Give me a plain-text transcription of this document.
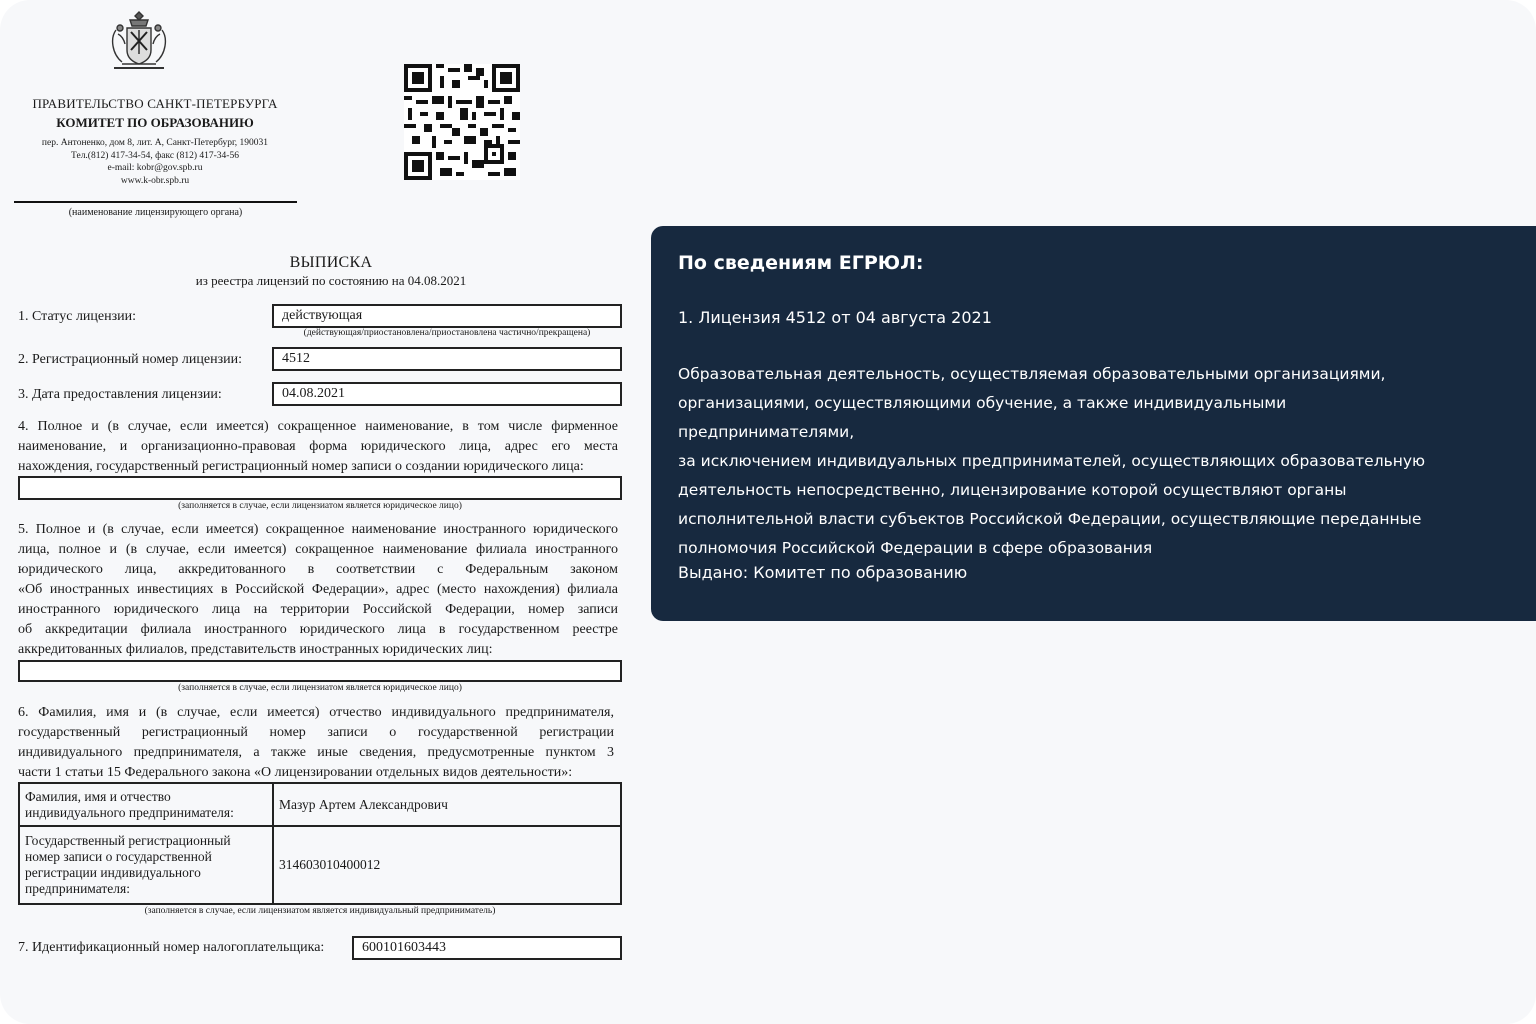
ПРАВИТЕЛЬСТВО САНКТ-ПЕТЕРБУРГА
КОМИТЕТ ПО ОБРАЗОВАНИЮ
пер. Антоненко, дом 8, лит. А, Санкт-Петербург, 190031
Тел.(812) 417-34-54, факс (812) 417-34-56
e-mail: kobr@gov.spb.ru
www.k-obr.spb.ru
(наименование лицензирующего органа)
ВЫПИСКА
из реестра лицензий по состоянию на 04.08.2021
1. Статус лицензии:	действующая
(действующая/приостановлена/приостановлена частично/прекращена)
2. Регистрационный номер лицензии:	4512
3. Дата предоставления лицензии:	04.08.2021
4. Полное и (в случае, если имеется) сокращенное наименование, в том числе фирменное
наименование, и организационно-правовая форма юридического лица, адрес его места
нахождения, государственный регистрационный номер записи о создании юридического лица:
(заполняется в случае, если лицензиатом является юридическое лицо)
5. Полное и (в случае, если имеется) сокращенное наименование иностранного юридического
лица, полное и (в случае, если имеется) сокращенное наименование филиала иностранного
юридического лица, аккредитованного в соответствии с Федеральным законом
«Об иностранных инвестициях в Российской Федерации», адрес (место нахождения) филиала
иностранного юридического лица на территории Российской Федерации, номер записи
об аккредитации филиала иностранного юридического лица в государственном реестре
аккредитованных филиалов, представительств иностранных юридических лиц:
(заполняется в случае, если лицензиатом является юридическое лицо)
6. Фамилия, имя и (в случае, если имеется) отчество индивидуального предпринимателя,
государственный регистрационный номер записи о государственной регистрации
индивидуального предпринимателя, а также иные сведения, предусмотренные пунктом 3
части 1 статьи 15 Федерального закона «О лицензировании отдельных видов деятельности»:
Фамилия, имя и отчество
индивидуального предпринимателя:	Мазур Артем Александрович

Государственный регистрационный
номер записи о государственной
регистрации индивидуального
предпринимателя:	314603010400012
(заполняется в случае, если лицензиатом является индивидуальный предприниматель)
7. Идентификационный номер налогоплательщика:	600101603443
По сведениям ЕГРЮЛ:
1. Лицензия 4512 от 04 августа 2021
Образовательная деятельность, осуществляемая образовательными организациями,
организациями, осуществляющими обучение, а также индивидуальными предпринимателями,
за исключением индивидуальных предпринимателей, осуществляющих образовательную
деятельность непосредственно, лицензирование которой осуществляют органы
исполнительной власти субъектов Российской Федерации, осуществляющие переданные
полномочия Российской Федерации в сфере образования
Выдано: Комитет по образованию
